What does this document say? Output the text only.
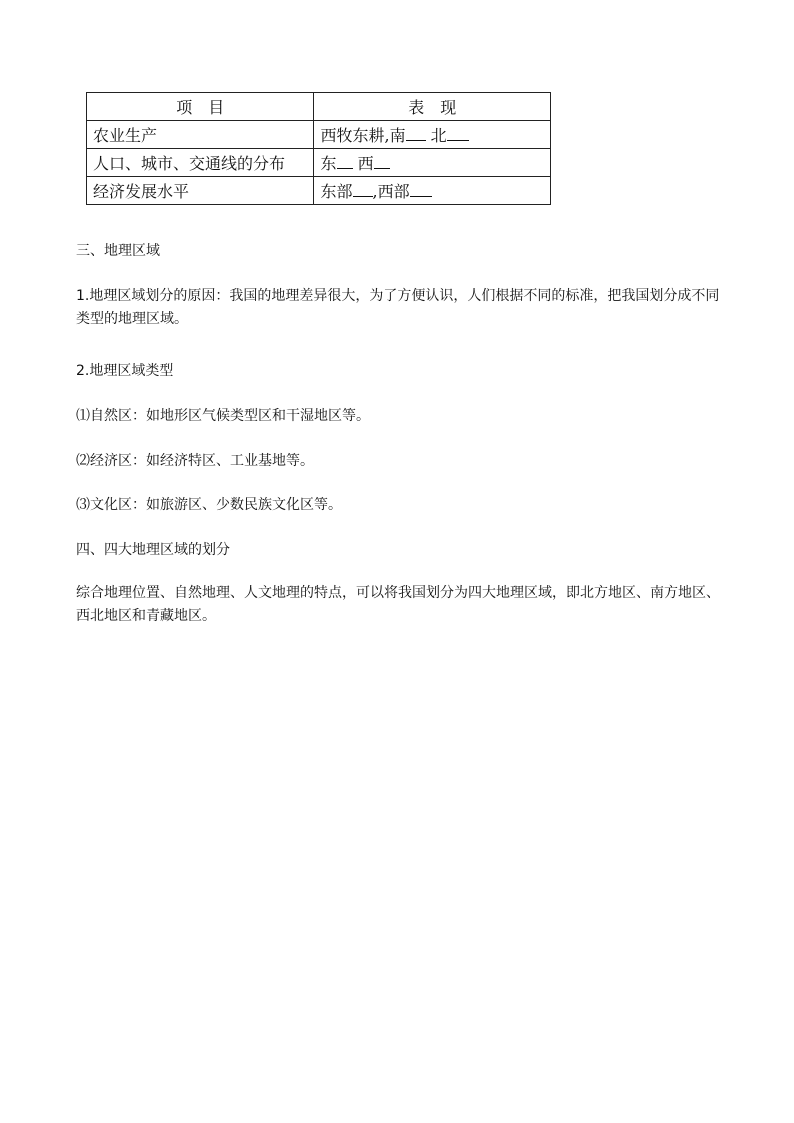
项　目	表　现
农业生产	西牧东耕,南 北
人口、城市、交通线的分布	东 西
经济发展水平	东部 ,西部

三、地理区域

1.地理区域划分的原因：我国的地理差异很大，为了方便认识，人们根据不同的标准，把我国划分成不同类型的地理区域。

2.地理区域类型

⑴自然区：如地形区气候类型区和干湿地区等。

⑵经济区：如经济特区、工业基地等。

⑶文化区：如旅游区、少数民族文化区等。

四、四大地理区域的划分

综合地理位置、自然地理、人文地理的特点，可以将我国划分为四大地理区域，即北方地区、南方地区、西北地区和青藏地区。
